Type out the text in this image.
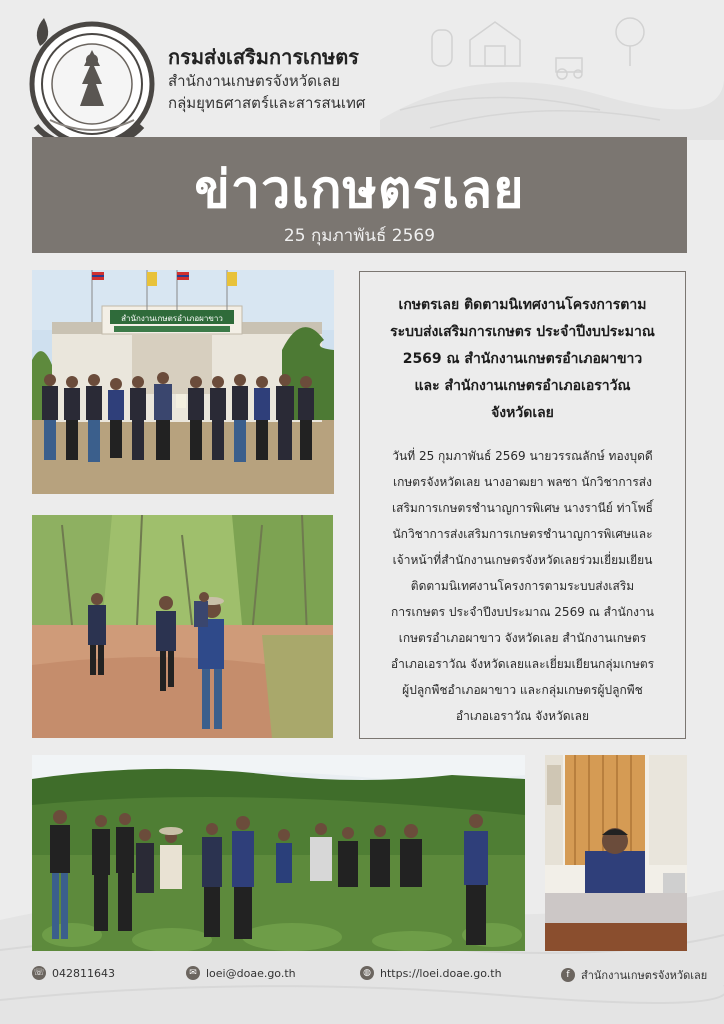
กรมส่งเสริมการเกษตร
สำนักงานเกษตรจังหวัดเลย
กลุ่มยุทธศาสตร์และสารสนเทศ
ข่าวเกษตรเลย
25 กุมภาพันธ์ 2569
สำนักงานเกษตรอำเภอผาขาว
เกษตรเลย ติดตามนิเทศงานโครงการตาม
ระบบส่งเสริมการเกษตร ประจำปีงบประมาณ
2569 ณ สำนักงานเกษตรอำเภอผาขาว
และ สำนักงานเกษตรอำเภอเอราวัณ
จังหวัดเลย
วันที่ 25 กุมภาพันธ์ 2569 นายวรรณลักษ์ ทองบุดดี
เกษตรจังหวัดเลย นางอาฒยา พลซา นักวิชาการส่ง
เสริมการเกษตรชำนาญการพิเศษ นางรานีย์ ท่าโพธิ์
นักวิชาการส่งเสริมการเกษตรชำนาญการพิเศษและ
เจ้าหน้าที่สำนักงานเกษตรจังหวัดเลยร่วมเยี่ยมเยียน
ติดตามนิเทศงานโครงการตามระบบส่งเสริม
การเกษตร ประจำปีงบประมาณ 2569 ณ สำนักงาน
เกษตรอำเภอผาขาว จังหวัดเลย สำนักงานเกษตร
อำเภอเอราวัณ จังหวัดเลยและเยี่ยมเยียนกลุ่มเกษตร
ผู้ปลูกพืชอำเภอผาขาว และกลุ่มเกษตรผู้ปลูกพืช
อำเภอเอราวัณ จังหวัดเลย
☏ 042811643	✉ loei@doae.go.th	◍ https://loei.doae.go.th	f	สำนักงานเกษตรจังหวัดเลย
